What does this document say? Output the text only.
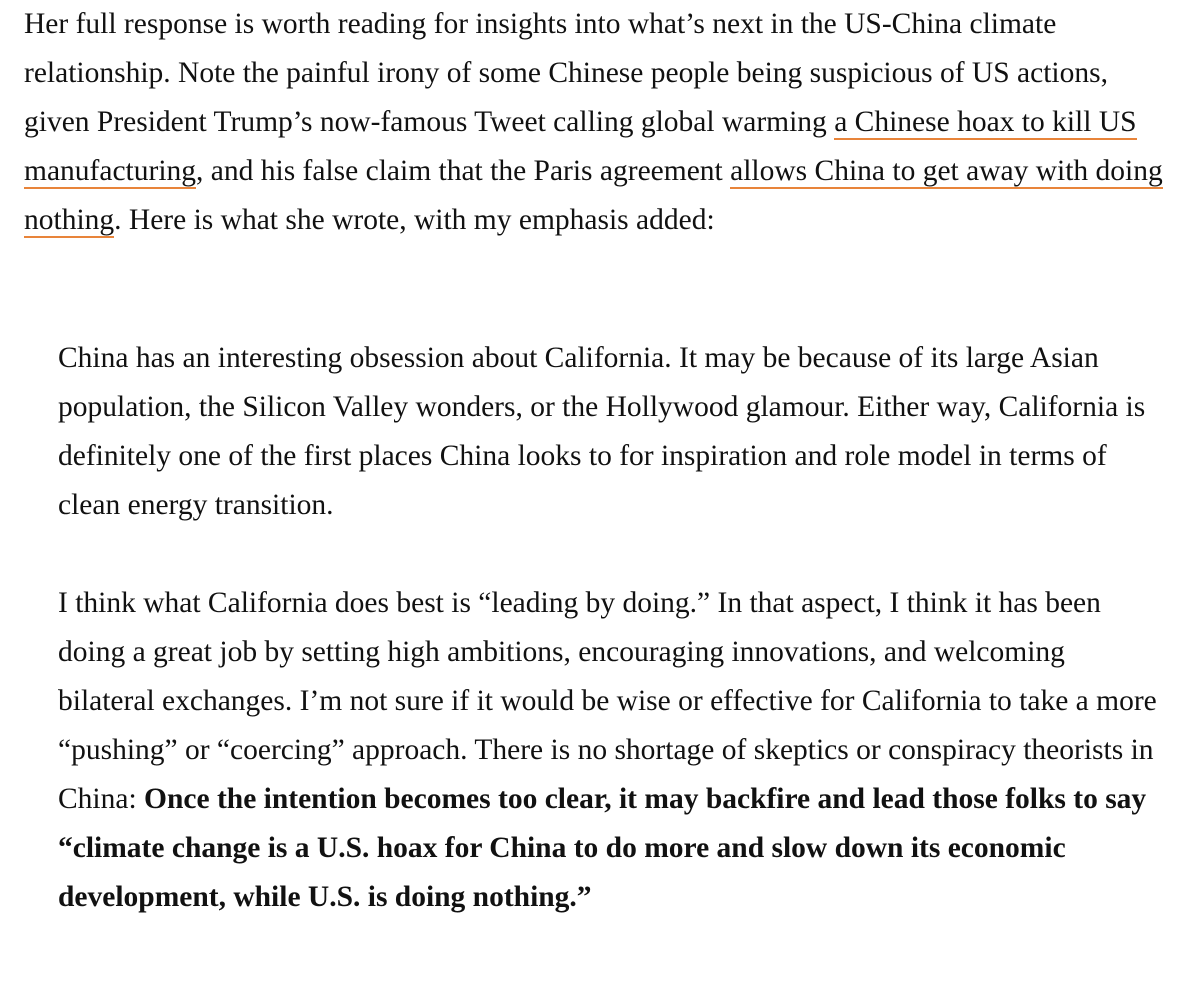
Her full response is worth reading for insights into what’s next in the US-China climate relationship. Note the painful irony of some Chinese people being suspicious of US actions, given President Trump’s now-famous Tweet calling global warming a Chinese hoax to kill US manufacturing, and his false claim that the Paris agreement allows China to get away with doing nothing. Here is what she wrote, with my emphasis added:

China has an interesting obsession about California. It may be because of its large Asian population, the Silicon Valley wonders, or the Hollywood glamour. Either way, California is definitely one of the first places China looks to for inspiration and role model in terms of clean energy transition.

I think what California does best is “leading by doing.” In that aspect, I think it has been doing a great job by setting high ambitions, encouraging innovations, and welcoming bilateral exchanges. I’m not sure if it would be wise or effective for California to take a more “pushing” or “coercing” approach. There is no shortage of skeptics or conspiracy theorists in China: Once the intention becomes too clear, it may backfire and lead those folks to say “climate change is a U.S. hoax for China to do more and slow down its economic development, while U.S. is doing nothing.”
